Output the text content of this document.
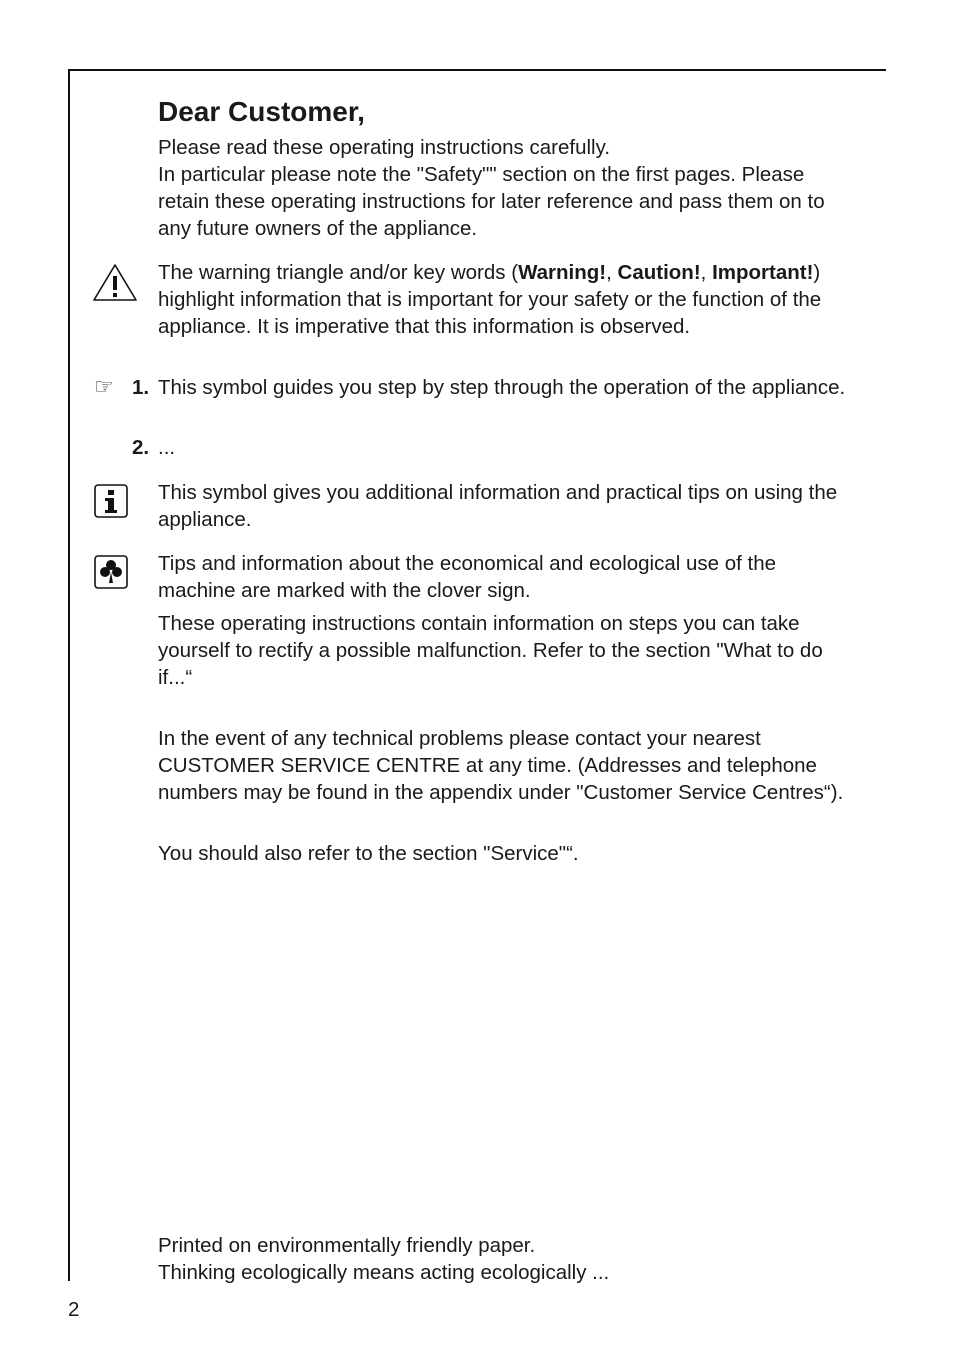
Dear Customer,

Please read these operating instructions carefully.

In particular please note the "Safety"" section on the first pages. Please retain these operating instructions for later reference and pass them on to any future owners of the appliance.

The warning triangle and/or key words (Warning!, Caution!, Important!) highlight information that is important for your safety or the function of the appliance. It is imperative that this information is observed.

☞ 1. This symbol guides you step by step through the operation of the appliance.

2. ...

This symbol gives you additional information and practical tips on using the appliance.

Tips and information about the economical and ecological use of the machine are marked with the clover sign.

These operating instructions contain information on steps you can take yourself to rectify a possible malfunction. Refer to the section "What to do if...“

In the event of any technical problems please contact your nearest CUSTOMER SERVICE CENTRE at any time. (Addresses and telephone numbers may be found in the appendix under "Customer Service Centres“).

You should also refer to the section "Service"“.

Printed on environmentally friendly paper.

Thinking ecologically means acting ecologically ...

2
